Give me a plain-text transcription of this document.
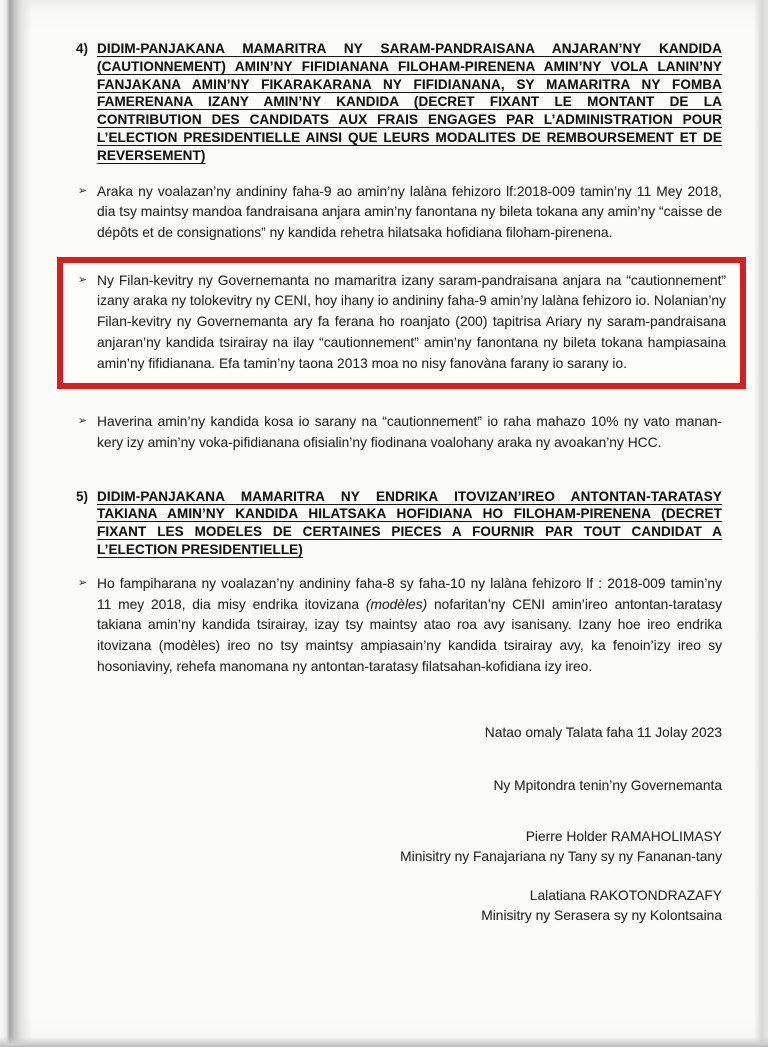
4) DIDIM-PANJAKANA MAMARITRA NY SARAM-PANDRAISANA ANJARAN’NY KANDIDA (CAUTIONNEMENT) AMIN’NY FIFIDIANANA FILOHAM-PIRENENA AMIN’NY VOLA LANIN’NY FANJAKANA AMIN’NY FIKARAKARANA NY FIFIDIANANA, SY MAMARITRA NY FOMBA FAMERENANA IZANY AMIN’NY KANDIDA (DECRET FIXANT LE MONTANT DE LA CONTRIBUTION DES CANDIDATS AUX FRAIS ENGAGES PAR L’ADMINISTRATION POUR L’ELECTION PRESIDENTIELLE AINSI QUE LEURS MODALITES DE REMBOURSEMENT ET DE REVERSEMENT)
➢ Araka ny voalazan’ny andininy faha-9 ao amin’ny lalàna fehizoro lf:2018-009 tamin’ny 11 Mey 2018, dia tsy maintsy mandoa fandraisana anjara amin’ny fanontana ny bileta tokana any amin’ny “caisse de dépôts et de consignations” ny kandida rehetra hilatsaka hofidiana filoham-pirenena.

➢ Ny Filan-kevitry ny Governemanta no mamaritra izany saram-pandraisana anjara na “cautionnement” izany araka ny tolokevitry ny CENI, hoy ihany io andininy faha-9 amin’ny lalàna fehizoro io. Nolanian’ny Filan-kevitry ny Governemanta ary fa ferana ho roanjato (200) tapitrisa Ariary ny saram-pandraisana anjaran’ny kandida tsirairay na ilay “cautionnement” amin’ny fanontana ny bileta tokana hampiasaina amin’ny fifidianana. Efa tamin’ny taona 2013 moa no nisy fanovàna farany io sarany io.

➢ Haverina amin’ny kandida kosa io sarany na “cautionnement” io raha mahazo 10% ny vato manan-kery izy amin’ny voka-pifidianana ofisialin’ny fiodinana voalohany araka ny avoakan’ny HCC.

5) DIDIM-PANJAKANA MAMARITRA NY ENDRIKA ITOVIZAN’IREO ANTONTAN-TARATASY TAKIANA AMIN’NY KANDIDA HILATSAKA HOFIDIANA HO FILOHAM-PIRENENA (DECRET FIXANT LES MODELES DE CERTAINES PIECES A FOURNIR PAR TOUT CANDIDAT A L’ELECTION PRESIDENTIELLE)
➢ Ho fampiharana ny voalazan’ny andininy faha-8 sy faha-10 ny lalàna fehizoro lf : 2018-009 tamin’ny 11 mey 2018, dia misy endrika itovizana (modèles) nofaritan’ny CENI amin’ireo antontan-taratasy takiana amin’ny kandida tsirairay, izay tsy maintsy atao roa avy isanisany. Izany hoe ireo endrika itovizana (modèles) ireo no tsy maintsy ampiasain’ny kandida tsirairay avy, ka fenoin’izy ireo sy hosoniaviny, rehefa manomana ny antontan-taratasy filatsahan-kofidiana izy ireo.

Natao omaly Talata faha 11 Jolay 2023

Ny Mpitondra tenin’ny Governemanta

Pierre Holder RAMAHOLIMASY

Minisitry ny Fanajariana ny Tany sy ny Fananan-tany

Lalatiana RAKOTONDRAZAFY

Minisitry ny Serasera sy ny Kolontsaina
